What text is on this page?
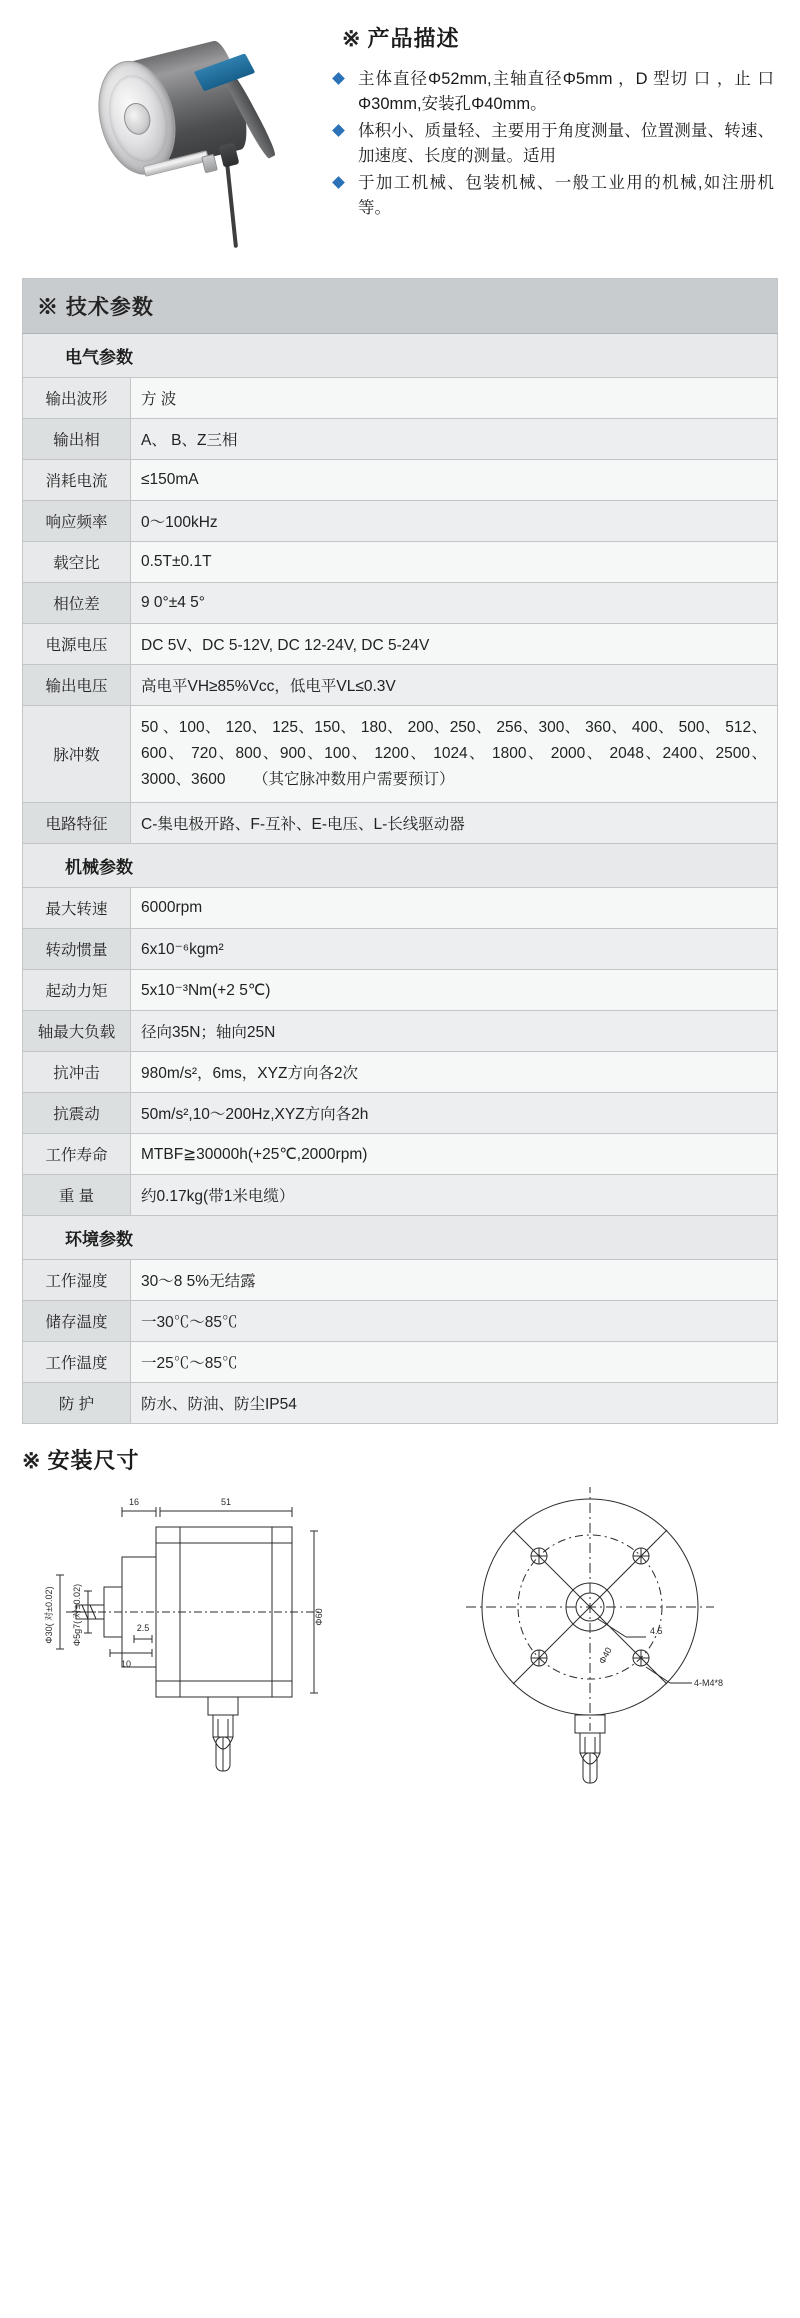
※ 产品描述
主体直径Φ52mm,主轴直径Φ5mm ，D 型切 口 ，止 口Φ30mm,安装孔Φ40mm。
体积小、质量轻、主要用于角度测量、位置测量、转速、加速度、长度的测量。适用
于加工机械、包装机械、一般工业用的机械,如注册机等。
※ 技术参数	
电气参数	
输出波形	方 波
输出相	A、 B、Z三相
消耗电流	≤150mA
响应频率	0～100kHz
载空比	0.5T±0.1T
相位差	9 0°±4 5°
电源电压	DC 5V、DC 5-12V, DC 12-24V, DC 5-24V
输出电压	高电平VH≥85%Vcc，低电平VL≤0.3V
脉冲数	50 、100、 120、 125、150、 180、 200、250、 256、300、 360、 400、 500、 512、 600、 720、800、900、100、 1200、 1024、 1800、 2000、 2048、2400、2500、 3000、3600 　　（其它脉冲数用户需要预订）
电路特征	C-集电极开路、F-互补、E-电压、L-长线驱动器
机械参数	
最大转速	6000rpm
转动惯量	6x10⁻⁶kgm²
起动力矩	5x10⁻³Nm(+2 5℃)
轴最大负载	径向35N；轴向25N
抗冲击	980m/s²，6ms，XYZ方向各2次
抗震动	50m/s²,10～200Hz,XYZ方向各2h
工作寿命	MTBF≧30000h(+25℃,2000rpm)
重 量	约0.17kg(带1米电缆）
环境参数	
工作湿度	30～8 5%无结露
储存温度	一30℃～85℃
工作温度	一25℃～85℃
防 护	防水、防油、防尘IP54
※ 安装尺寸
16	51
2.5
10
Φ60
Φ30( 对±0.02) Φ5g7( 对±0.02)	4.5
Φ40
4-M4*8
